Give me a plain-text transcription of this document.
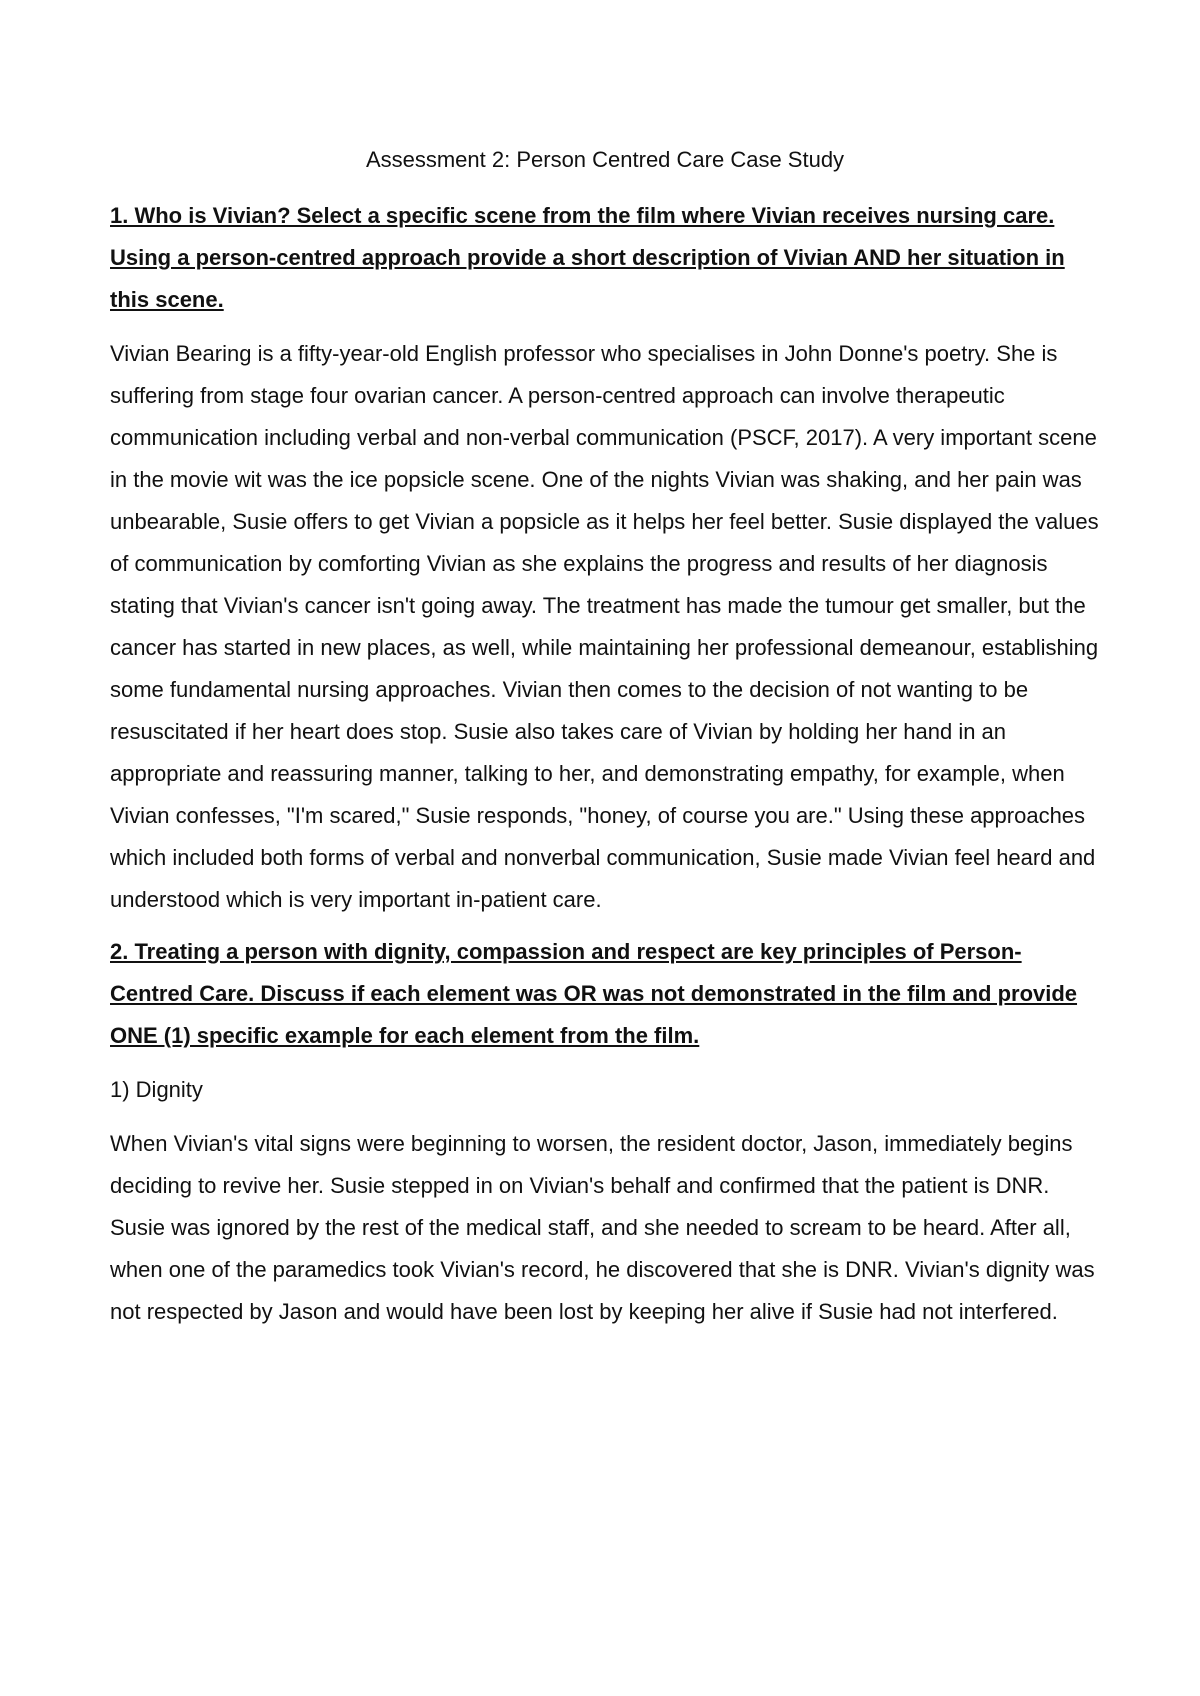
Assessment 2: Person Centred Care Case Study
1. Who is Vivian? Select a specific scene from the film where Vivian receives nursing care. Using a person-centred approach provide a short description of Vivian AND her situation in this scene.
Vivian Bearing is a fifty-year-old English professor who specialises in John Donne's poetry. She is suffering from stage four ovarian cancer. A person-centred approach can involve therapeutic communication including verbal and non-verbal communication (PSCF, 2017). A very important scene in the movie wit was the ice popsicle scene. One of the nights Vivian was shaking, and her pain was unbearable, Susie offers to get Vivian a popsicle as it helps her feel better. Susie displayed the values of communication by comforting Vivian as she explains the progress and results of her diagnosis stating that Vivian's cancer isn't going away. The treatment has made the tumour get smaller, but the cancer has started in new places, as well, while maintaining her professional demeanour, establishing some fundamental nursing approaches. Vivian then comes to the decision of not wanting to be resuscitated if her heart does stop. Susie also takes care of Vivian by holding her hand in an appropriate and reassuring manner, talking to her, and demonstrating empathy, for example, when Vivian confesses, "I'm scared," Susie responds, "honey, of course you are." Using these approaches which included both forms of verbal and nonverbal communication, Susie made Vivian feel heard and understood which is very important in-patient care.
2. Treating a person with dignity, compassion and respect are key principles of Person-Centred Care. Discuss if each element was OR was not demonstrated in the film and provide ONE (1) specific example for each element from the film.
1) Dignity
When Vivian's vital signs were beginning to worsen, the resident doctor, Jason, immediately begins deciding to revive her. Susie stepped in on Vivian's behalf and confirmed that the patient is DNR. Susie was ignored by the rest of the medical staff, and she needed to scream to be heard. After all, when one of the paramedics took Vivian's record, he discovered that she is DNR. Vivian's dignity was not respected by Jason and would have been lost by keeping her alive if Susie had not interfered.
